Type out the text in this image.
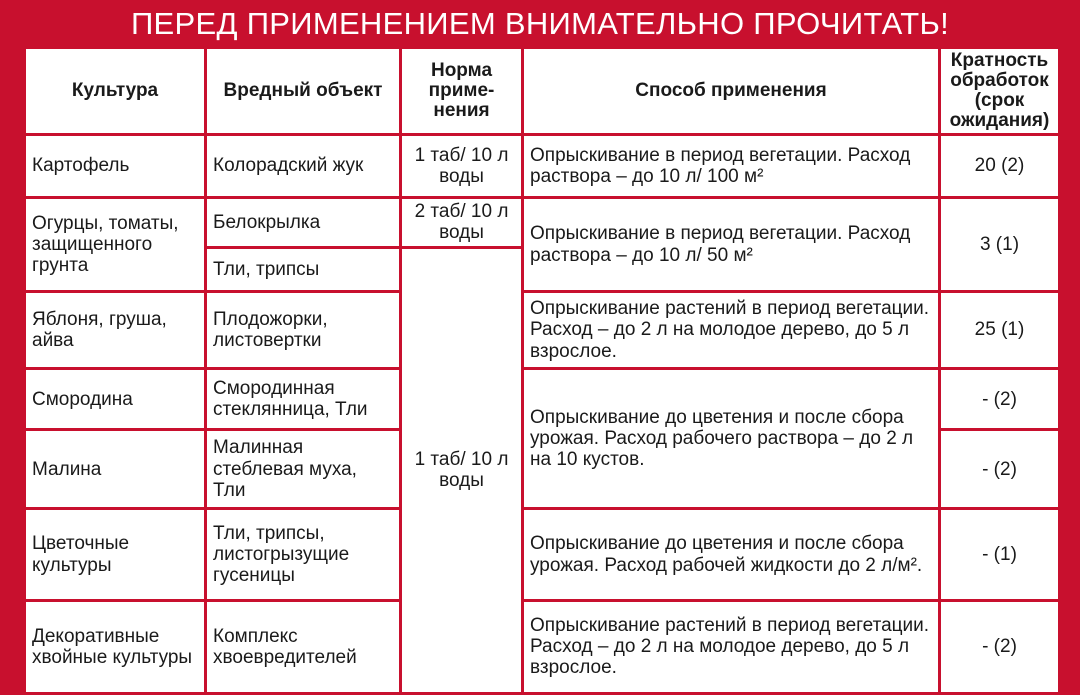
ПЕРЕД ПРИМЕНЕНИЕМ ВНИМАТЕЛЬНО ПРОЧИТАТЬ!
Культура	Вредный объект	Норма приме-нения	Способ применения	Кратность обработок (срок ожидания)
Картофель	Колорадский жук	1 таб/ 10 л воды	Опрыскивание в период вегетации. Расход раствора – до 10 л/ 100 м²	20 (2)
Огурцы, томаты, защищенного грунта	Белокрылка	2 таб/ 10 л воды	Опрыскивание в период вегетации. Расход раствора – до 10 л/ 50 м²	3 (1)
	Тли, трипсы	1 таб/ 10 л воды		
Яблоня, груша, айва	Плодожорки, листовертки		Опрыскивание растений в период вегетации. Расход – до 2 л на молодое дерево, до 5 л взрослое.	25 (1)
Смородина	Смородинная стеклянница, Тли		Опрыскивание до цветения и после сбора урожая. Расход рабочего раствора – до 2 л на 10 кустов.	- (2)
Малина	Малинная стеблевая муха, Тли			- (2)
Цветочные культуры	Тли, трипсы, листогрызущие гусеницы		Опрыскивание до цветения и после сбора урожая. Расход рабочей жидкости до 2 л/м².	- (1)
Декоративные хвойные культуры	Комплекс хвоевредителей		Опрыскивание растений в период вегетации. Расход – до 2 л на молодое дерево, до 5 л взрослое.	- (2)
